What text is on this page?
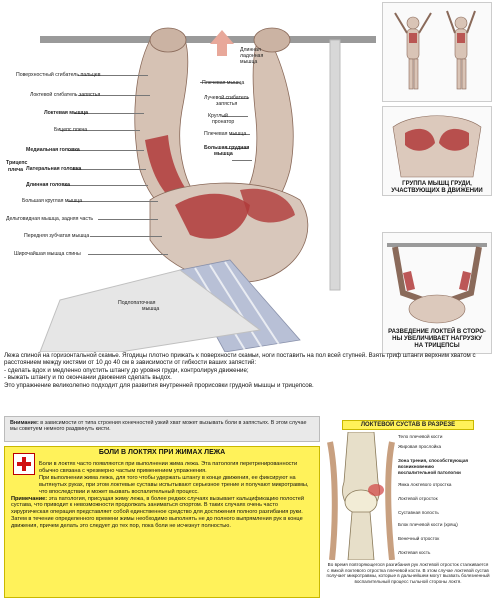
Поверхностный сгибатель пальцев
Локтевой сгибатель запястья
Локтевая мышца
Бицепс плеча
Трицепс
плеча
Медиальная головка
Латеральная головка
Длинная головка
Большая круглая мышца
Дельтовидная мышца, задняя часть
Передняя зубчатая мышца
Широчайшая мышца спины
Подлопаточная
мышца
Длинная
ладонная
мышца
Плечевая мышца
Лучевой сгибатель
запястья
Круглый
пронатор
Плечевая мышца
Большая грудная
мышца
ГРУППА МЫШЦ ГРУДИ,
УЧАСТВУЮЩИХ В ДВИЖЕНИИ
РАЗВЕДЕНИЕ ЛОКТЕЙ В СТОРО-
НЫ УВЕЛИЧИВАЕТ НАГРУЗКУ
НА ТРИЦЕПСЫ

Лежа спиной на горизонтальной скамье. Ягодицы плотно прижать к поверхности скамьи, ноги поставить на пол всей ступней. Взять гриф штанги верхним хватом с расстоянием между кистями от 10 до 40 см в зависимости от гибкости ваших запястий:

- сделать вдох и медленно опустить штангу до уровня груди, контролируя движение;

- выжать штангу и по окончании движения сделать выдох.

Это упражнение великолепно подходит для развития внутренней прорисовки грудной мышцы и трицепсов.

Внимание: в зависимости от типа строения конечностей узкий хват может вызывать боли в запястьях. В этом случае мы советуем немного раздвинуть кисти.
БОЛИ В ЛОКТЯХ ПРИ ЖИМАХ ЛЕЖА

Боли в локтях часто появляются при выполнении жима лежа. Эта патология перетренированности обычно связана с чрезмерно частым применением упражнения.

При выполнении жима лежа, для того чтобы удержать штангу в конце движения, ее фиксируют на вытянутых руках, при этом локтевые суставы испытывают серьезное трение и получают микротравмы, что впоследствии и может вызвать воспалительный процесс.

Примечание: эта патология, присущая жиму лежа, в более редких случаях вызывает кальцификацию полостей сустава, что приводит к невозможности продолжать заниматься спортом. В таких случаях очень часто хирургическая операция представляет собой единственное средство для достижения полного разгибания руки.

Затем в течение определенного времени жимы необходимо выполнять не до полного выпрямления рук в конце движения, причем делать это следует до тех пор, пока боли не исчезнут полностью.

ЛОКТЕВОЙ СУСТАВ В РАЗРЕЗЕ
Тело плечевой кости
Жировая прослойка
Зона трения, способствующая
возникновению
воспалительной патологии
Ямка локтевого отростка
Локтевой отросток
Суставная полость
Блок плечевой кости (хрящ)
Венечный отросток
Локтевая кость
Во время повторяющегося разгибания рук локтевой отросток сталкивается с ямкой локтевого отростка плечевой кости. В этом случае локтевой сустав получает микротравмы, которые в дальнейшем могут вызвать болезненный воспалительный процесс тыльной стороны локтя.
